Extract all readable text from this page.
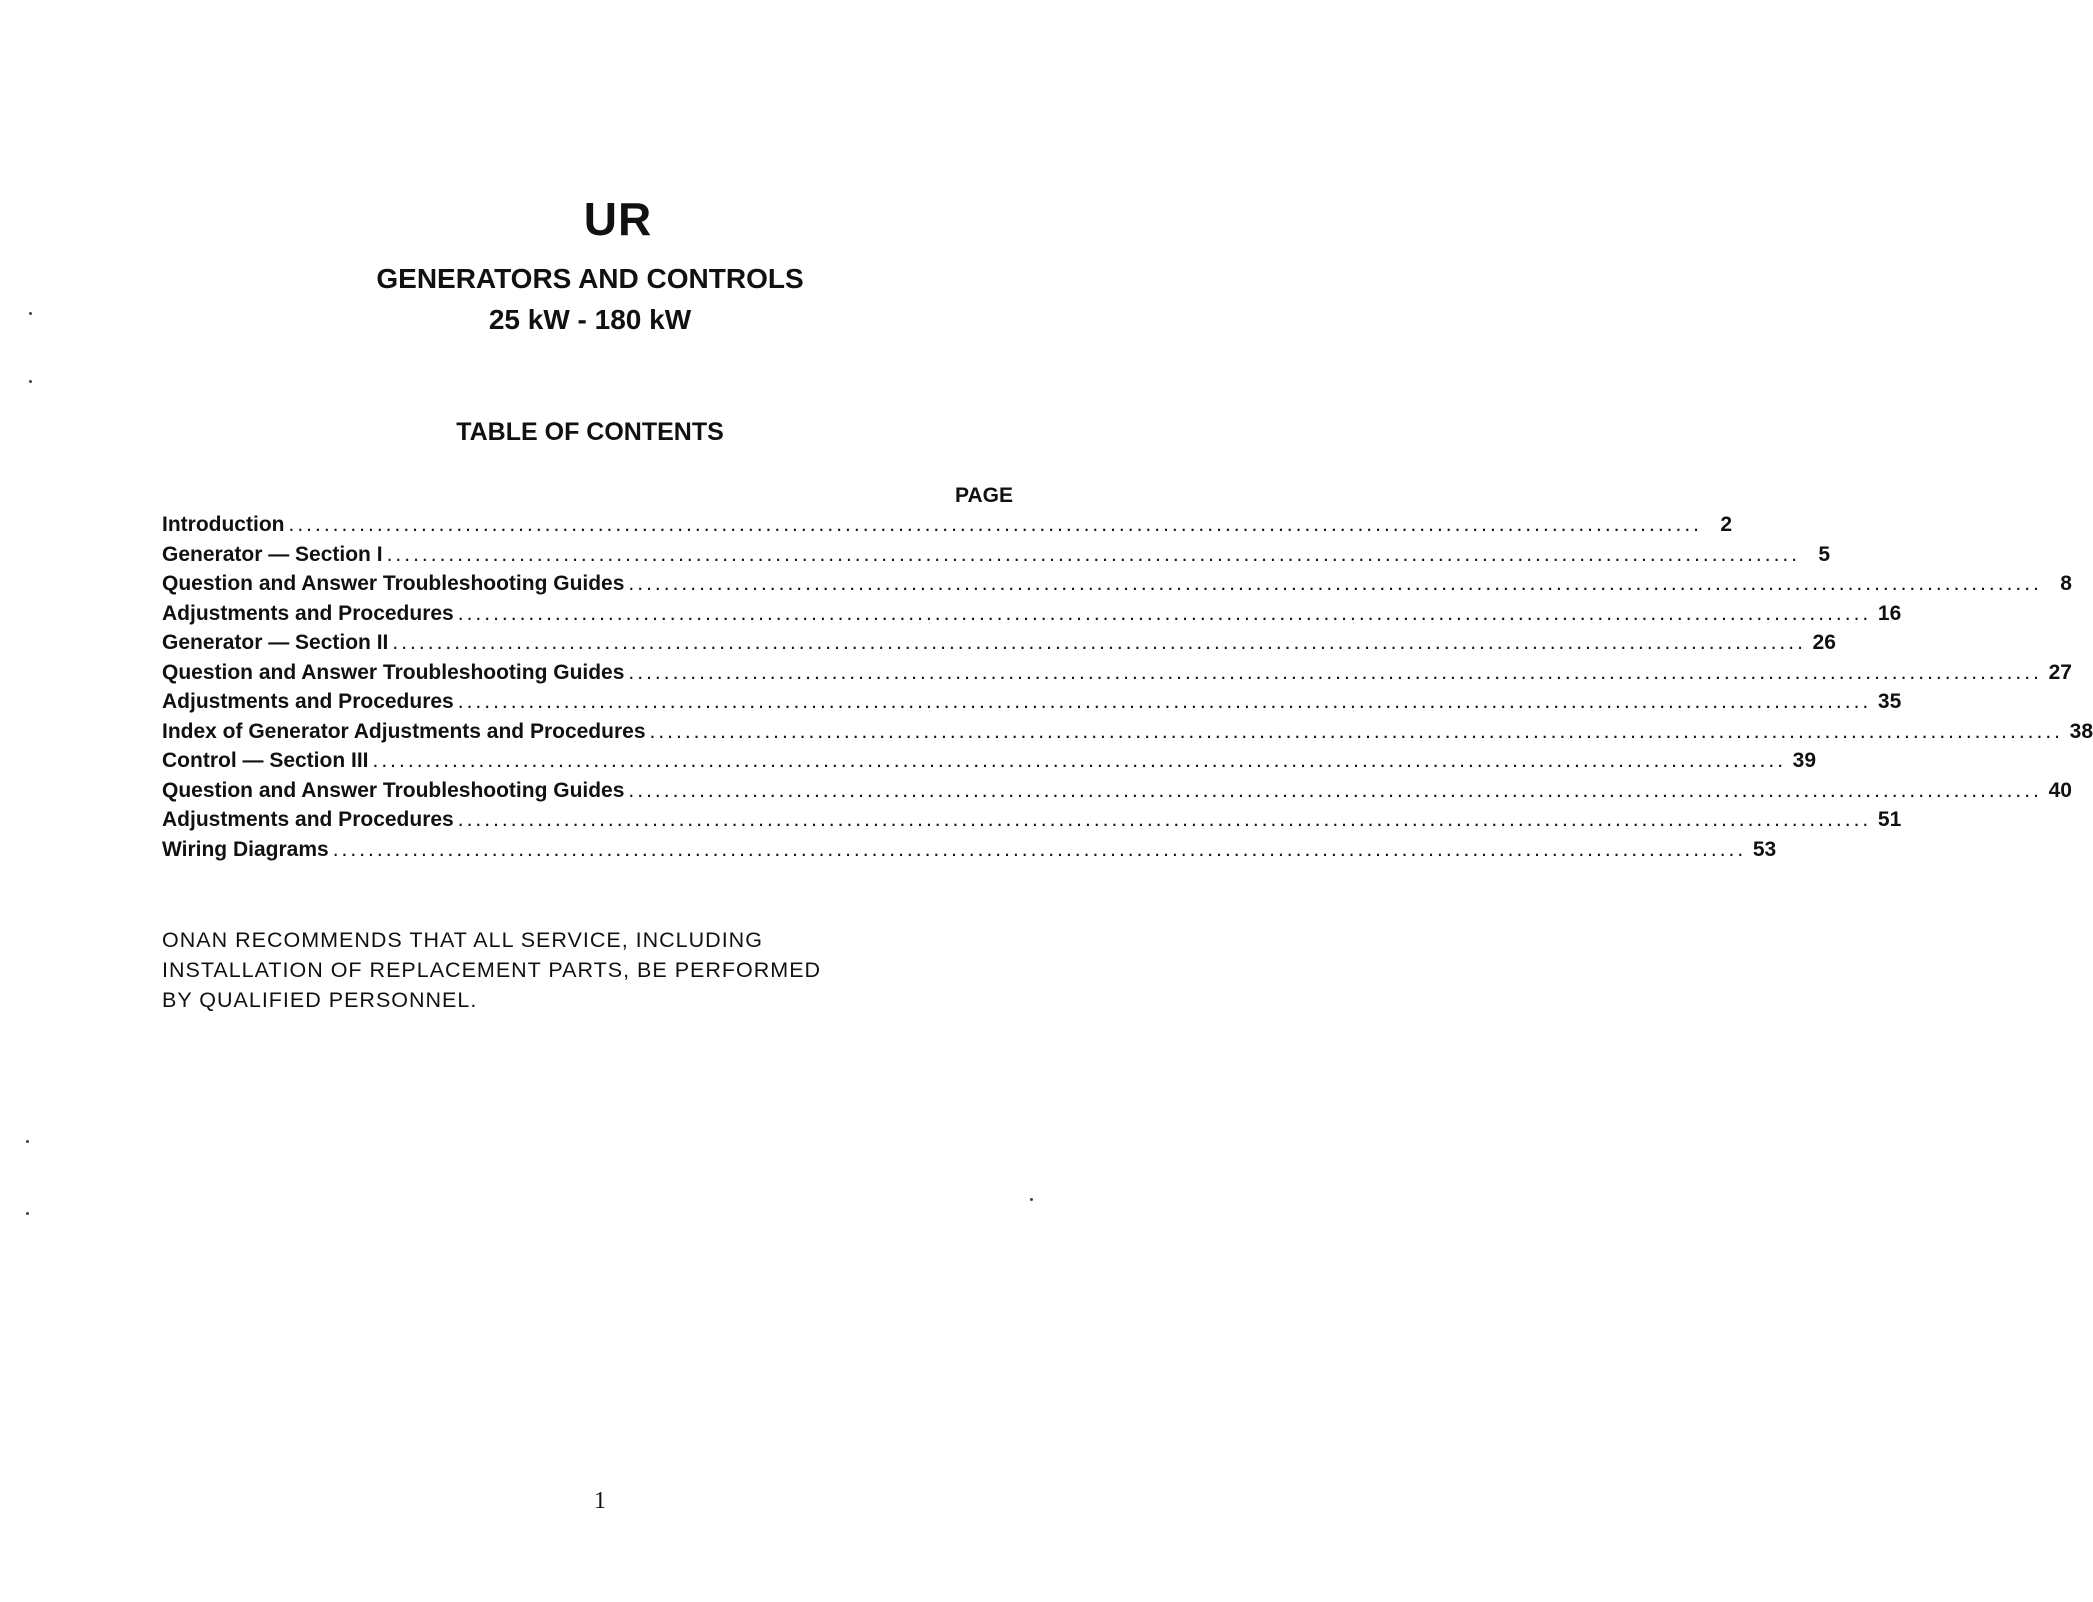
UR
GENERATORS AND CONTROLS
25 kW - 180 kW
TABLE OF CONTENTS
PAGE
Introduction ................................................................................................................................................................ 2
Generator — Section I ................................................................................................................................................................ 5
Question and Answer Troubleshooting Guides ................................................................................................................................................................ 8
Adjustments and Procedures ................................................................................................................................................................ 16
Generator — Section II ................................................................................................................................................................ 26
Question and Answer Troubleshooting Guides ................................................................................................................................................................ 27
Adjustments and Procedures ................................................................................................................................................................ 35
Index of Generator Adjustments and Procedures ................................................................................................................................................................ 38
Control — Section III ................................................................................................................................................................ 39
Question and Answer Troubleshooting Guides ................................................................................................................................................................ 40
Adjustments and Procedures ................................................................................................................................................................ 51
Wiring Diagrams ................................................................................................................................................................ 53
ONAN RECOMMENDS THAT ALL SERVICE, INCLUDING
INSTALLATION OF REPLACEMENT PARTS, BE PERFORMED
BY QUALIFIED PERSONNEL.
1
